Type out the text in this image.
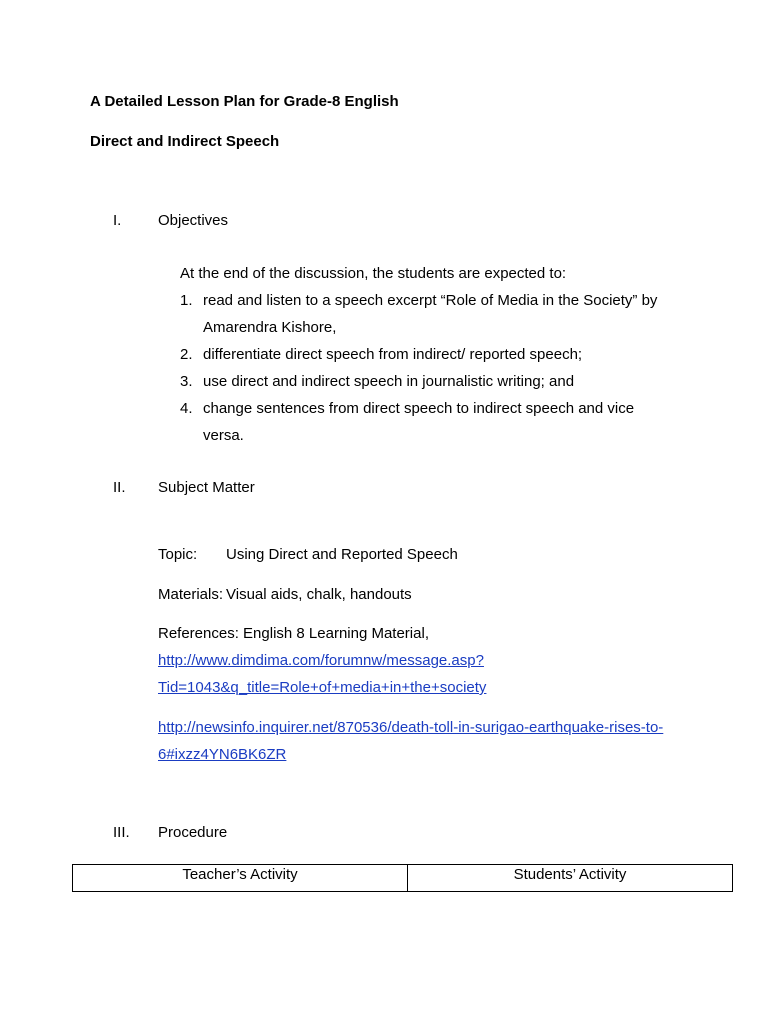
A Detailed Lesson Plan for Grade-8 English
Direct and Indirect Speech
I. Objectives
At the end of the discussion, the students are expected to:
1. read and listen to a speech excerpt “Role of Media in the Society” by
Amarendra Kishore,
2. differentiate direct speech from indirect/ reported speech;
3. use direct and indirect speech in journalistic writing; and
4. change sentences from direct speech to indirect speech and vice
versa.
II. Subject Matter
Topic: Using Direct and Reported Speech
Materials: Visual aids, chalk, handouts
References: English 8 Learning Material,
http://www.dimdima.com/forumnw/message.asp?
Tid=1043&q_title=Role+of+media+in+the+society
http://newsinfo.inquirer.net/870536/death-toll-in-surigao-earthquake-rises-to-
6#ixzz4YN6BK6ZR
III. Procedure
Teacher’s Activity	Students’ Activity
